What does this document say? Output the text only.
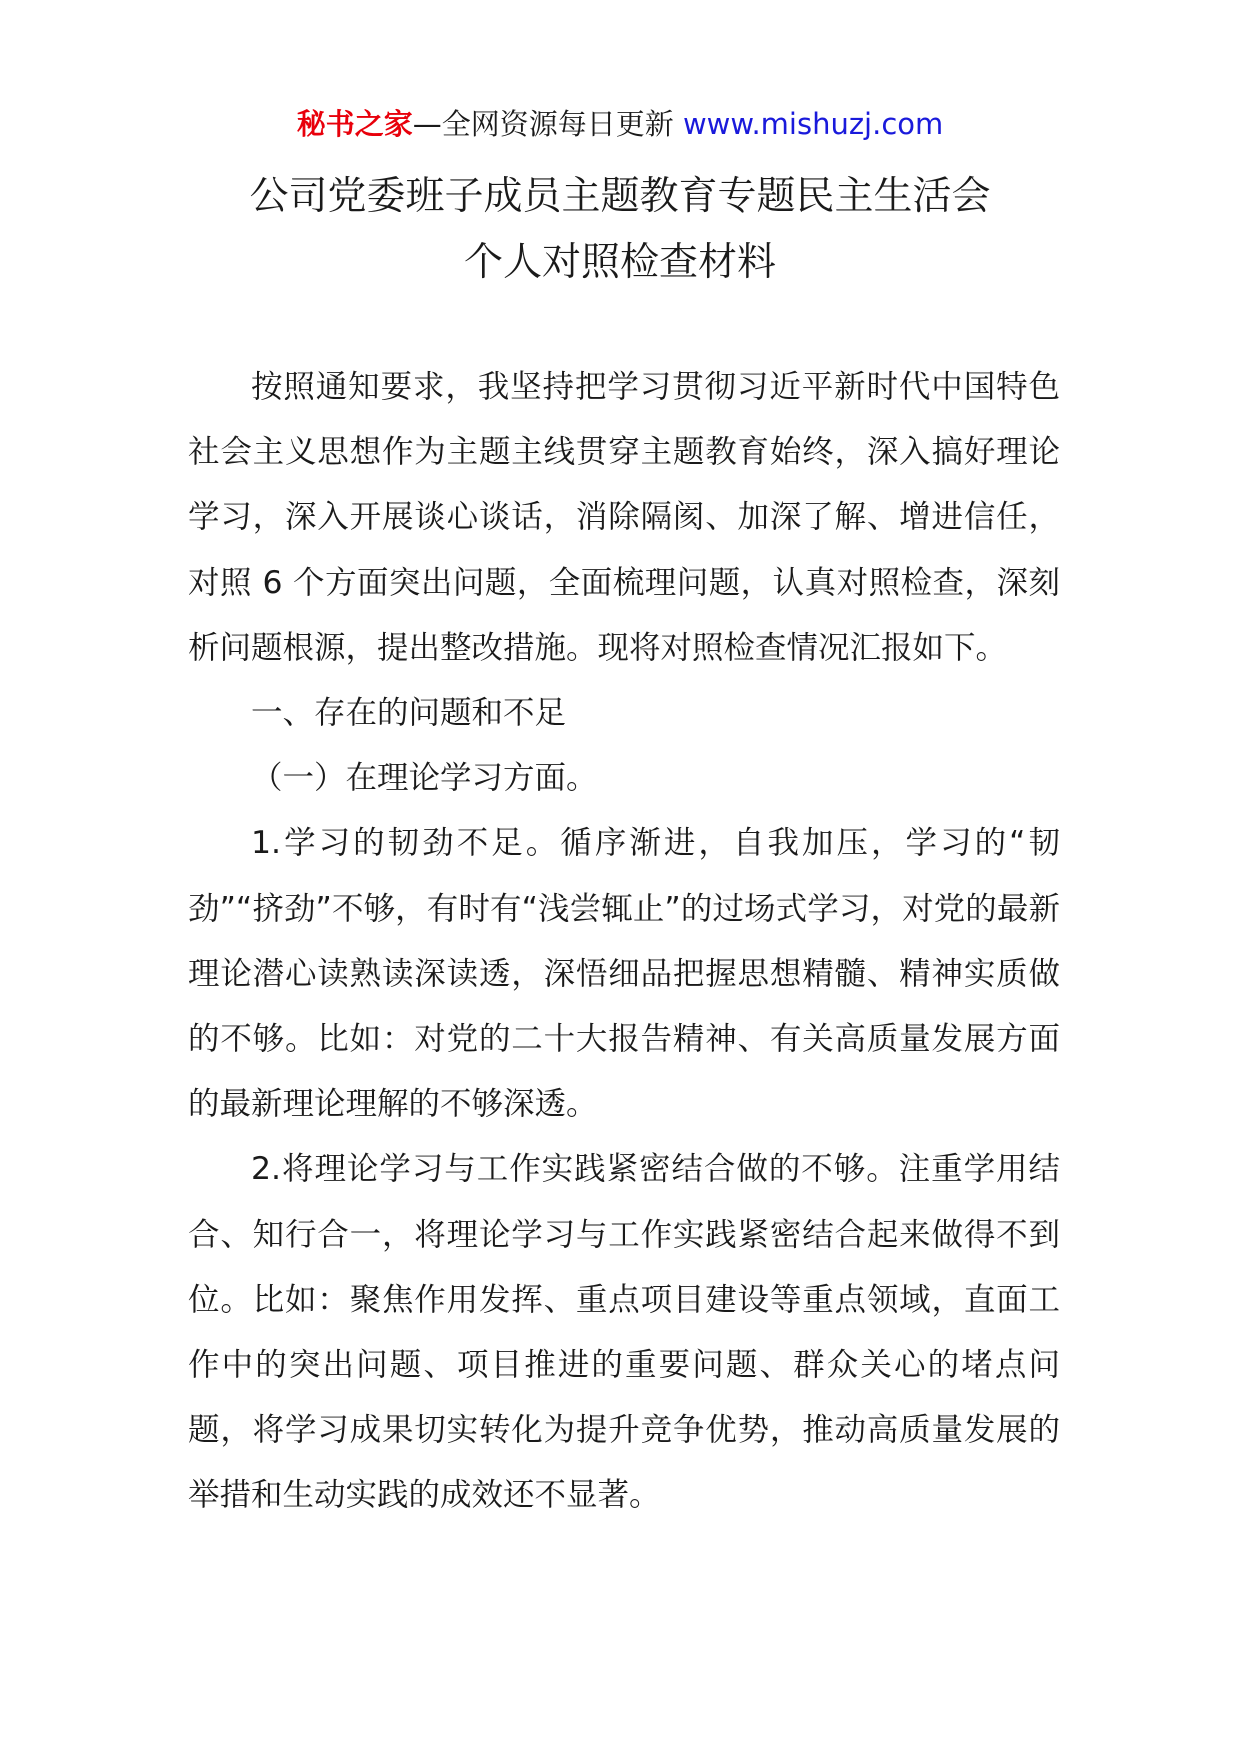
秘书之家—全网资源每日更新 www.mishuzj.com
公司党委班子成员主题教育专题民主生活会
个人对照检查材料

按照通知要求，我坚持把学习贯彻习近平新时代中国特色社会主义思想作为主题主线贯穿主题教育始终，深入搞好理论学习，深入开展谈心谈话，消除隔阂、加深了解、增进信任，对照 6 个方面突出问题，全面梳理问题，认真对照检查，深刻析问题根源，提出整改措施。现将对照检查情况汇报如下。

一、存在的问题和不足

（一）在理论学习方面。

1.学习的韧劲不足。循序渐进，自我加压，学习的“韧劲”“挤劲”不够，有时有“浅尝辄止”的过场式学习，对党的最新理论潜心读熟读深读透，深悟细品把握思想精髓、精神实质做的不够。比如：对党的二十大报告精神、有关高质量发展方面的最新理论理解的不够深透。

2.将理论学习与工作实践紧密结合做的不够。注重学用结合、知行合一，将理论学习与工作实践紧密结合起来做得不到位。比如：聚焦作用发挥、重点项目建设等重点领域，直面工作中的突出问题、项目推进的重要问题、群众关心的堵点问题，将学习成果切实转化为提升竞争优势，推动高质量发展的举措和生动实践的成效还不显著。
